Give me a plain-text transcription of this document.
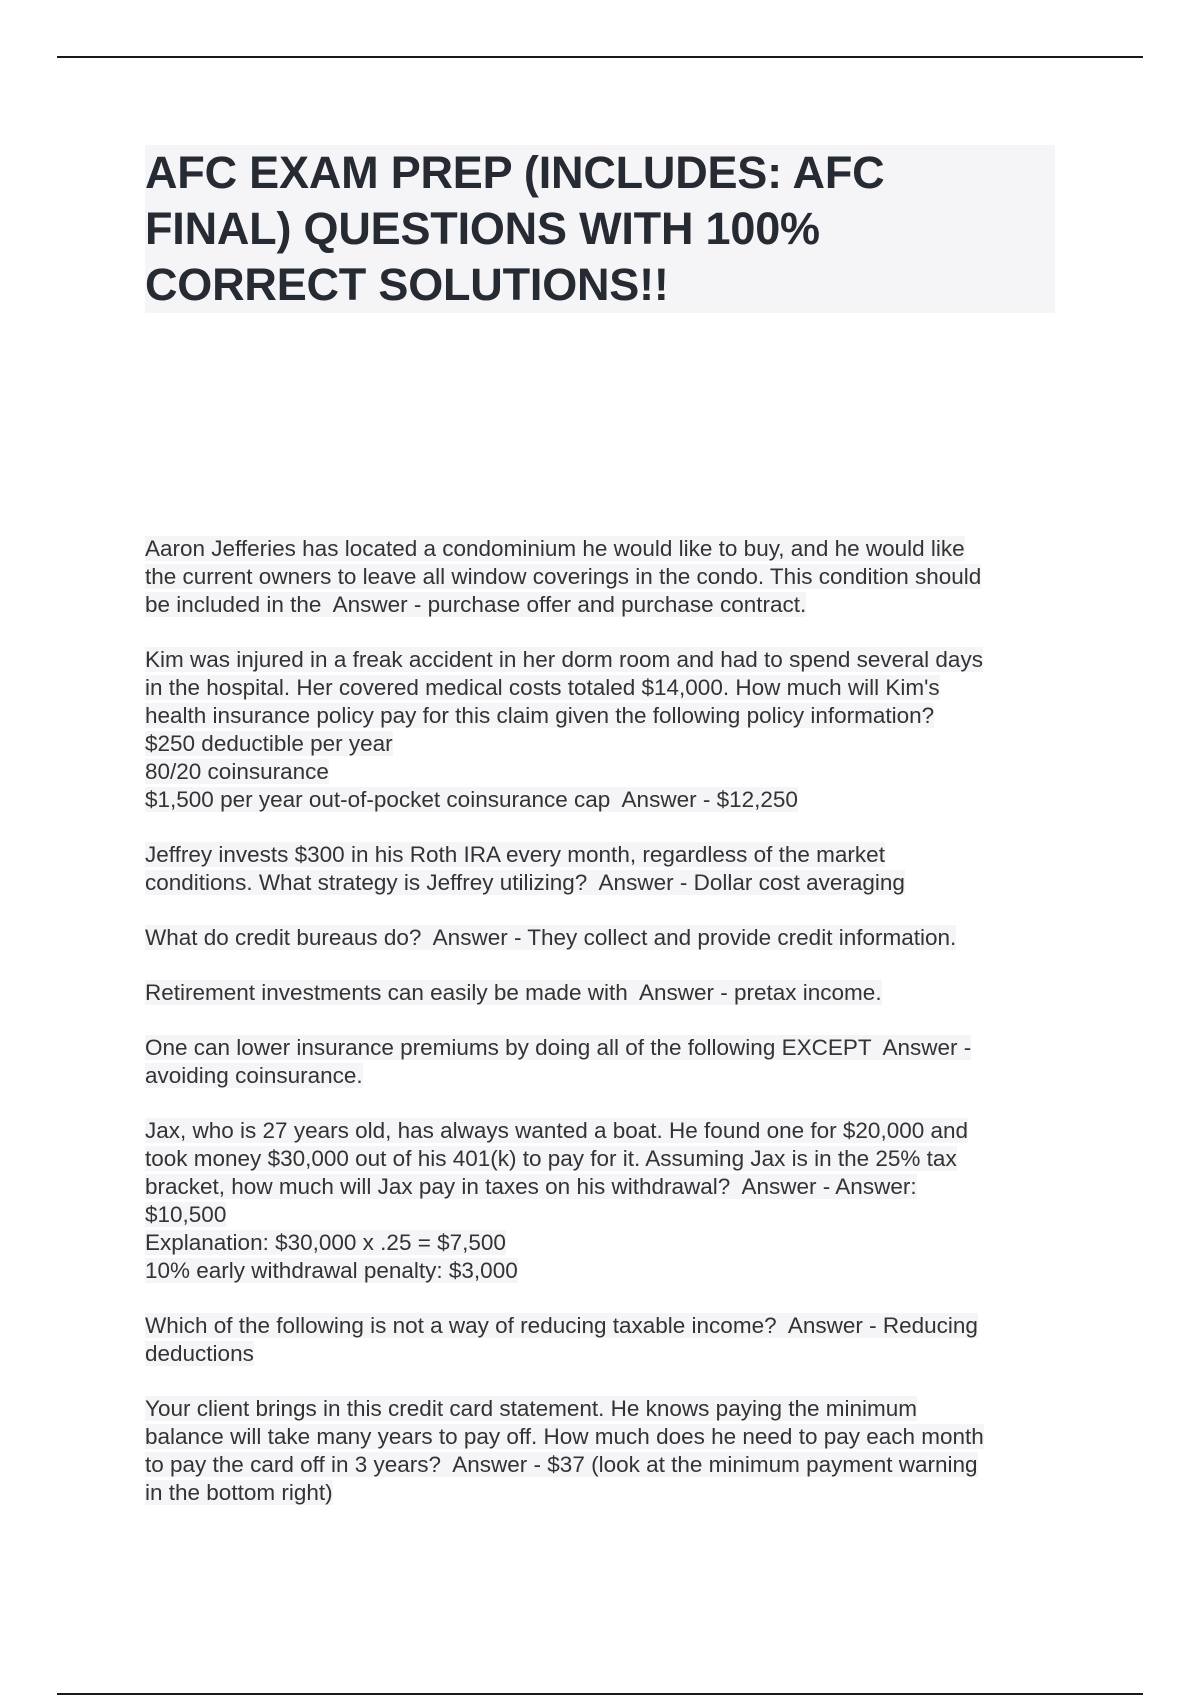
AFC EXAM PREP (INCLUDES: AFC
FINAL) QUESTIONS WITH 100%
CORRECT SOLUTIONS!!

Aaron Jefferies has located a condominium he would like to buy, and he would like
the current owners to leave all window coverings in the condo. This condition should
be included in the  Answer - purchase offer and purchase contract.

Kim was injured in a freak accident in her dorm room and had to spend several days
in the hospital. Her covered medical costs totaled $14,000. How much will Kim's
health insurance policy pay for this claim given the following policy information?
$250 deductible per year
80/20 coinsurance
$1,500 per year out-of-pocket coinsurance cap  Answer - $12,250

Jeffrey invests $300 in his Roth IRA every month, regardless of the market
conditions. What strategy is Jeffrey utilizing?  Answer - Dollar cost averaging

What do credit bureaus do?  Answer - They collect and provide credit information.

Retirement investments can easily be made with  Answer - pretax income.

One can lower insurance premiums by doing all of the following EXCEPT  Answer -
avoiding coinsurance.

Jax, who is 27 years old, has always wanted a boat. He found one for $20,000 and
took money $30,000 out of his 401(k) to pay for it. Assuming Jax is in the 25% tax
bracket, how much will Jax pay in taxes on his withdrawal?  Answer - Answer:
$10,500
Explanation: $30,000 x .25 = $7,500
10% early withdrawal penalty: $3,000

Which of the following is not a way of reducing taxable income?  Answer - Reducing
deductions

Your client brings in this credit card statement. He knows paying the minimum
balance will take many years to pay off. How much does he need to pay each month
to pay the card off in 3 years?  Answer - $37 (look at the minimum payment warning
in the bottom right)
